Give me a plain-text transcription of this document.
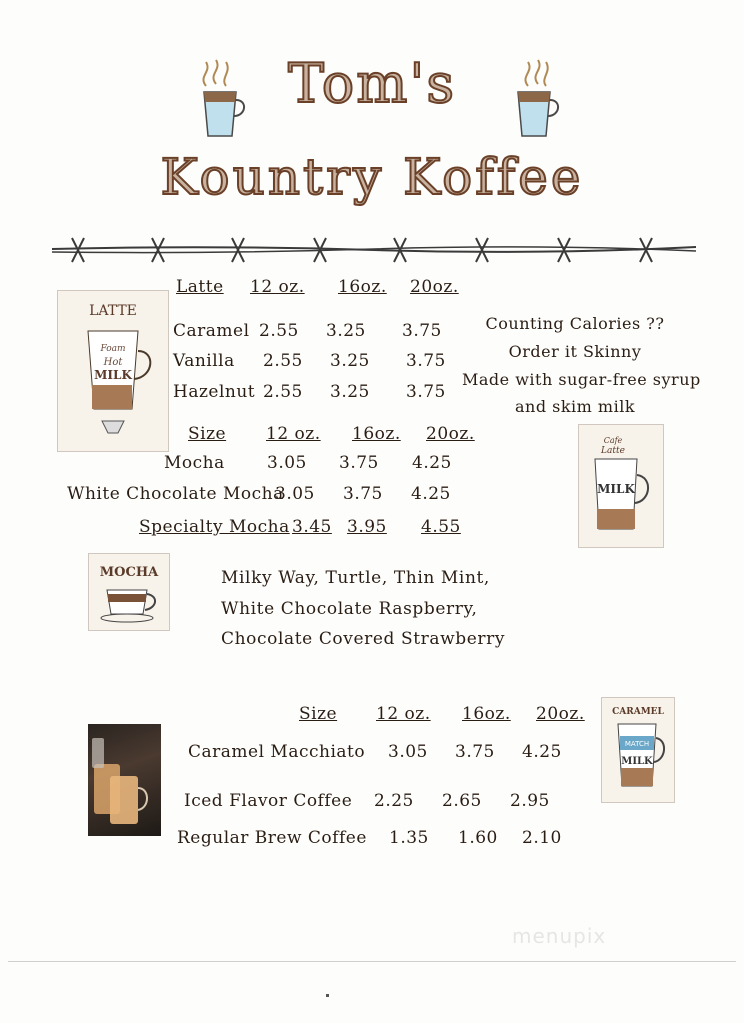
Tom's
Kountry Koffee
LATTE
Foam
Hot
MILK
Latte 12 oz. 16oz. 20oz.
Caramel 2.55 3.25 3.75
Vanilla 2.55 3.25 3.75
Hazelnut 2.55 3.25 3.75
Counting Calories ??
Order it Skinny
Made with sugar-free syrup
and skim milk
Cafe
Latte
MILK
Size 12 oz. 16oz. 20oz.
Mocha 3.05 3.75 4.25
White Chocolate Mocha
3.05 3.75 4.25
Specialty Mocha 3.45 3.95 4.55
MOCHA	Milky Way, Turtle, Thin Mint,
White Chocolate Raspberry,
Chocolate Covered Strawberry
Size 12 oz. 16oz. 20oz.	CARAMEL
MATCH
MILK
Caramel Macchiato 3.05 3.75 4.25
Iced Flavor Coffee 2.25 2.65 2.95
Regular Brew Coffee 1.35 1.60 2.10
menupix
